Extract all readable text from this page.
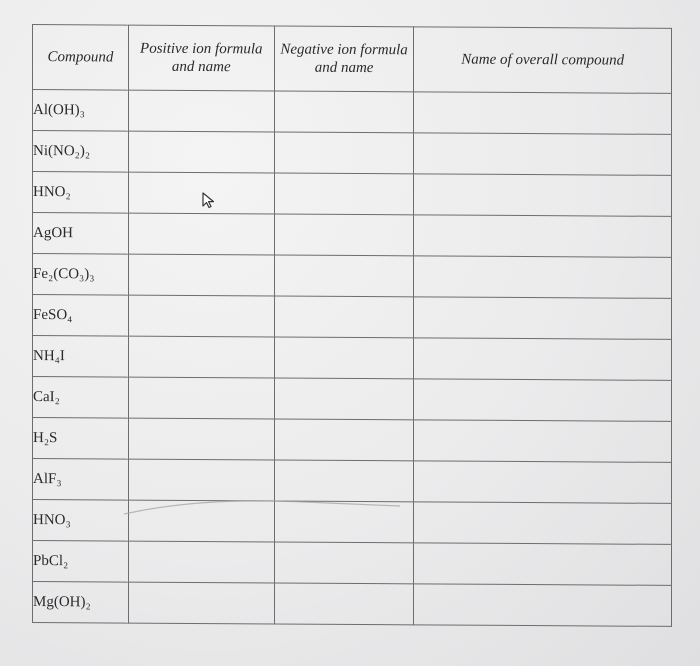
Compound	Positive ion formula and name	Negative ion formula and name	Name of overall compound
Al(OH)₃			
Ni(NO₂)₂			
HNO₂			
AgOH			
Fe₂(CO₃)₃			
FeSO₄			
NH₄I			
CaI₂			
H₂S			
AlF₃			
HNO₃			
PbCl₂			
Mg(OH)₂			
